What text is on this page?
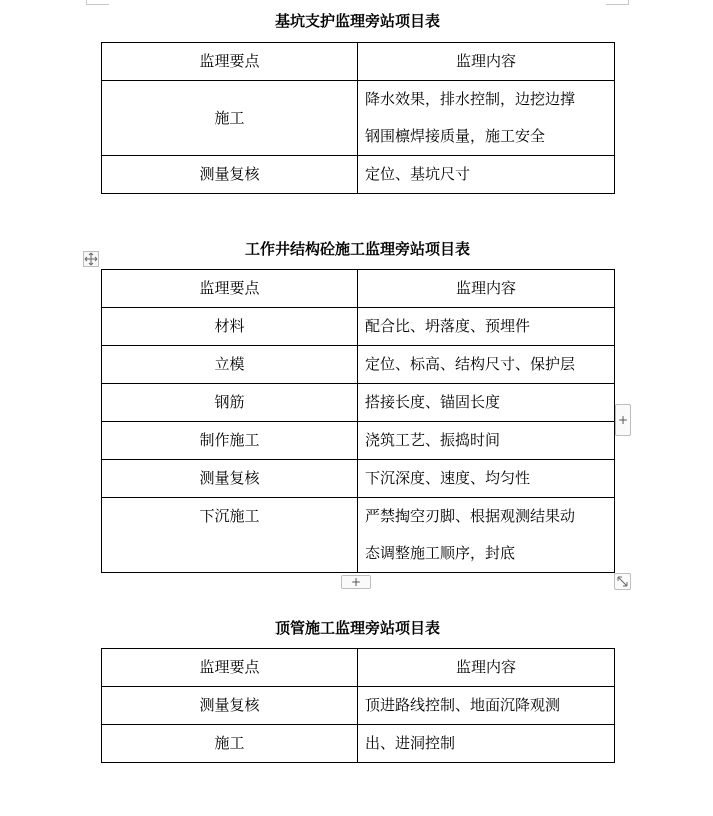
基坑支护监理旁站项目表
监理要点	监理内容
施工	降水效果，排水控制，边挖边撑
钢围檩焊接质量，施工安全

测量复核	定位、基坑尺寸
工作井结构砼施工监理旁站项目表
监理要点	监理内容
材料	配合比、坍落度、预埋件
立模	定位、标高、结构尺寸、保护层
钢筋	搭接长度、锚固长度
制作施工	浇筑工艺、振捣时间
测量复核	下沉深度、速度、均匀性
下沉施工	严禁掏空刃脚、根据观测结果动
态调整施工顺序，封底
+
+
顶管施工监理旁站项目表
监理要点	监理内容
测量复核	顶进路线控制、地面沉降观测
施工	出、进洞控制
